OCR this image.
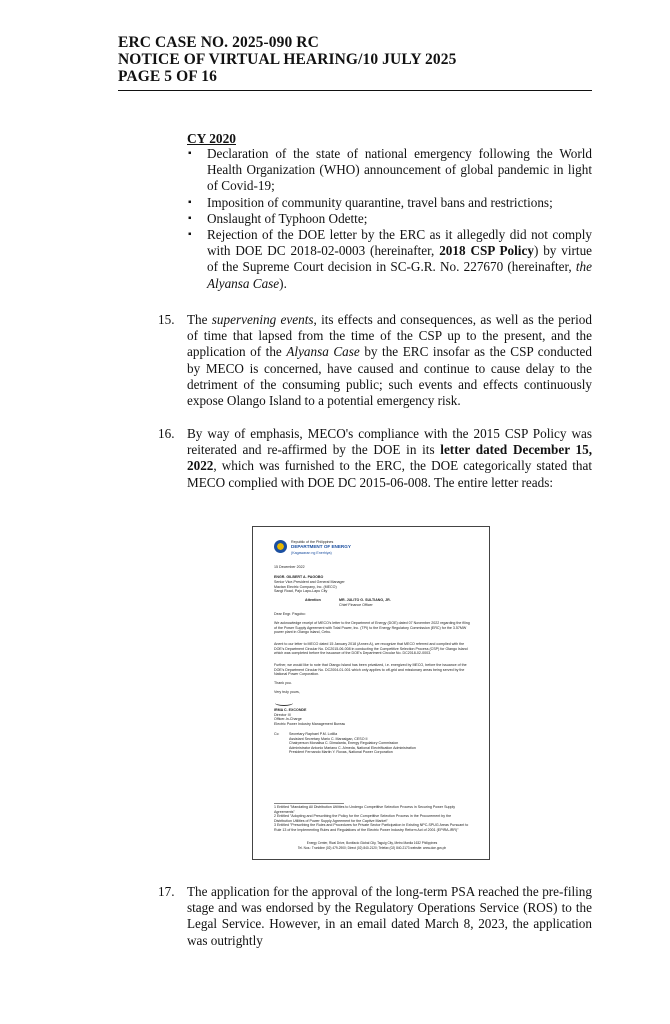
ERC CASE NO. 2025-090 RC
NOTICE OF VIRTUAL HEARING/10 JULY 2025
PAGE 5 OF 16
CY 2020
▪ Declaration of the state of national emergency following the World Health Organization (WHO) announcement of global pandemic in light of Covid-19;
▪ Imposition of community quarantine, travel bans and restrictions;
▪ Onslaught of Typhoon Odette;
▪ Rejection of the DOE letter by the ERC as it allegedly did not comply with DOE DC 2018-02-0003 (hereinafter, 2018 CSP Policy) by virtue of the Supreme Court decision in SC-G.R. No. 227670 (hereinafter, the Alyansa Case).
15. The supervening events, its effects and consequences, as well as the period of time that lapsed from the time of the CSP up to the present, and the application of the Alyansa Case by the ERC insofar as the CSP conducted by MECO is concerned, have caused and continue to cause delay to the detriment of the consuming public; such events and effects continuously expose Olango Island to a potential emergency risk.
16. By way of emphasis, MECO's compliance with the 2015 CSP Policy was reiterated and re-affirmed by the DOE in its letter dated December 15, 2022, which was furnished to the ERC, the DOE categorically stated that MECO complied with DOE DC 2015-06-008. The entire letter reads:
Republic of the Philippines
DEPARTMENT OF ENERGY
(Kagawaran ng Enerhiya)
15 December 2022
ENGR. GILBERT A. PAGOBO
Senior Vice-President and General Manager
Mactan Electric Company, Inc. (MECO)
Sangi Road, Pajo Lapu-Lapu City
Attention	MR. JULITO G. SULTIANO, JR.
Chief Finance Officer
Dear Engr. Pagobo:
We acknowledge receipt of MECO's letter to the Department of Energy (DOE) dated 07 November 2022 regarding the filing of the Power Supply Agreement with Total Power, Inc. (TPI) to the Energy Regulatory Commission (ERC) for the 3.57MW power plant in Olango Island, Cebu.
Anent to our letter to MECO dated 15 January 2018 (Annex A), we recognize that MECO referred and complied with the DOE's Department Circular No. DC2015-06-008 in conducting the Competitive Selection Process (CSP) for Olango Island which was completed before the issuance of the DOE's Department Circular No. DC2018-02-0003.
Further, we would like to note that Olango Island has been privatized, i.e. energized by MECO, before the issuance of the DOE's Department Circular No. DC2004-01-001 which only applies to off-grid and missionary areas being served by the National Power Corporation.
Thank you.
Very truly yours,
IRMA C. EXCONDE
Director III
Officer-In-Charge
Electric Power Industry Management Bureau
Cc:	Secretary Raphael P.M. Lotilla
Assistant Secretary Mario C. Marasigan, CESO II
Chairperson Monalisa C. Dimalanta, Energy Regulatory Commission
Administrator Antonio Mariano C. Almeda, National Electrification Administration
President Fernando Martin Y. Roxas, National Power Corporation
1 Entitled "Mandating All Distribution Utilities to Undergo Competitive Selection Process in Securing Power Supply Agreements"
2 Entitled "Adopting and Prescribing the Policy for the Competitive Selection Process in the Procurement by the Distribution Utilities of Power Supply Agreement for the Captive Market"
3 Entitled "Prescribing the Rules and Procedures for Private Sector Participation in Existing NPC-SPUG Areas Pursuant to Rule 13 of the Implementing Rules and Regulations of the Electric Power Industry Reform Act of 2001 (EPIRA-IRR)"
Energy Center, Rizal Drive, Bonifacio Global City, Taguig City, Metro Manila 1632 Philippines
Tel. Nos.: Trunkline (02) 479-2900; Direct (02) 840-2120; Telefax (02) 840-2173 website: www.doe.gov.ph
17. The application for the approval of the long-term PSA reached the pre-filing stage and was endorsed by the Regulatory Operations Service (ROS) to the Legal Service. However, in an email dated March 8, 2023, the application was outrightly
